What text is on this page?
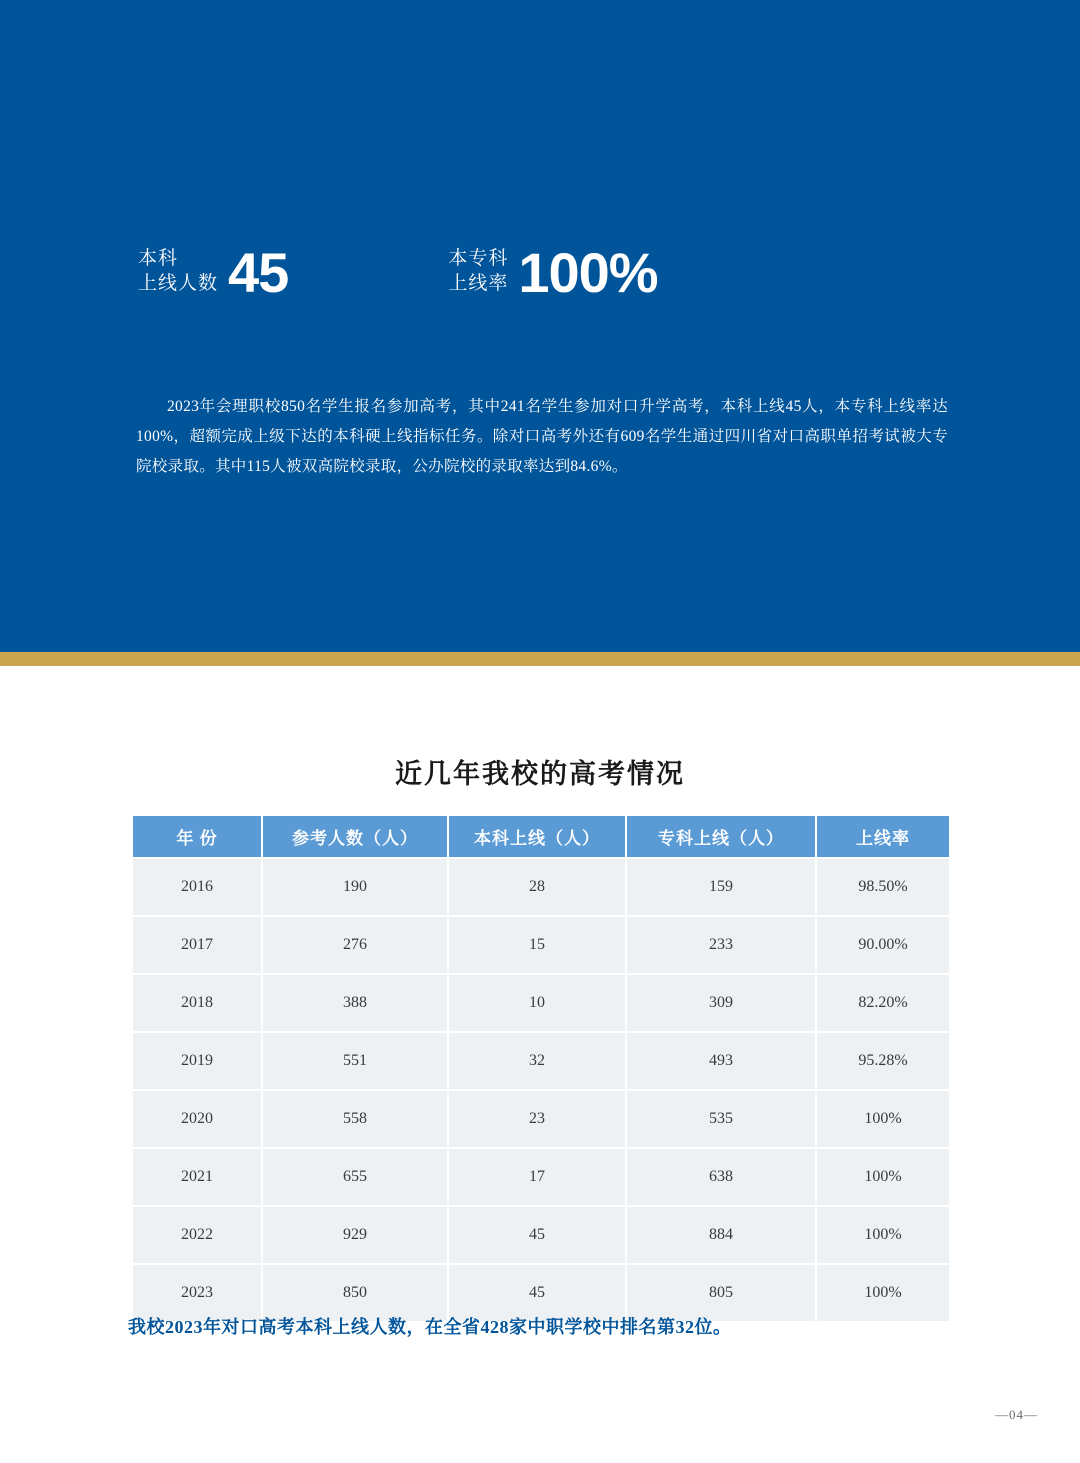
本科
上线人数 45	本专科
上线率 100%
2023年会理职校850名学生报名参加高考，其中241名学生参加对口升学高考，本科上线45人，本专科上线率达100%，超额完成上级下达的本科硬上线指标任务。除对口高考外还有609名学生通过四川省对口高职单招考试被大专院校录取。其中115人被双高院校录取，公办院校的录取率达到84.6%。
近几年我校的高考情况
年 份	参考人数（人）	本科上线（人）	专科上线（人）	上线率
2016	190	28	159	98.50%
2017	276	15	233	90.00%
2018	388	10	309	82.20%
2019	551	32	493	95.28%
2020	558	23	535	100%
2021	655	17	638	100%
2022	929	45	884	100%
2023	850	45	805	100%
我校2023年对口高考本科上线人数，在全省428家中职学校中排名第32位。
—04—
